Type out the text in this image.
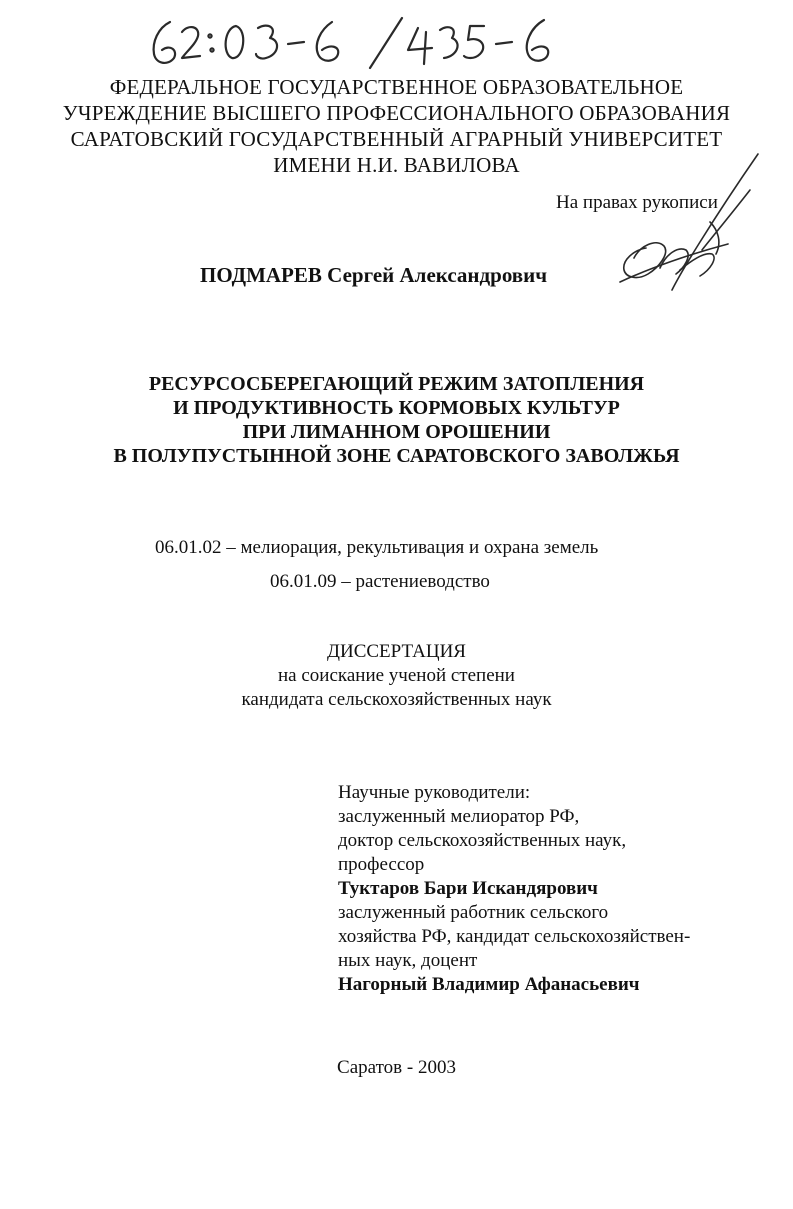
ФЕДЕРАЛЬНОЕ ГОСУДАРСТВЕННОЕ ОБРАЗОВАТЕЛЬНОЕ
УЧРЕЖДЕНИЕ ВЫСШЕГО ПРОФЕССИОНАЛЬНОГО ОБРАЗОВАНИЯ
САРАТОВСКИЙ ГОСУДАРСТВЕННЫЙ АГРАРНЫЙ УНИВЕРСИТЕТ
ИМЕНИ Н.И. ВАВИЛОВА
На правах рукописи
ПОДМАРЕВ Сергей Александрович
РЕСУРСОСБЕРЕГАЮЩИЙ РЕЖИМ ЗАТОПЛЕНИЯ
И ПРОДУКТИВНОСТЬ КОРМОВЫХ КУЛЬТУР
ПРИ ЛИМАННОМ ОРОШЕНИИ
В ПОЛУПУСТЫННОЙ ЗОНЕ САРАТОВСКОГО ЗАВОЛЖЬЯ
06.01.02 – мелиорация, рекультивация и охрана земель
06.01.09 – растениеводство
ДИССЕРТАЦИЯ
на соискание ученой степени
кандидата сельскохозяйственных наук
Научные руководители:
заслуженный мелиоратор РФ,
доктор сельскохозяйственных наук,
профессор
Туктаров Бари Искандярович
заслуженный работник сельского
хозяйства РФ, кандидат сельскохозяйствен-
ных наук, доцент
Нагорный Владимир Афанасьевич
Саратов - 2003
